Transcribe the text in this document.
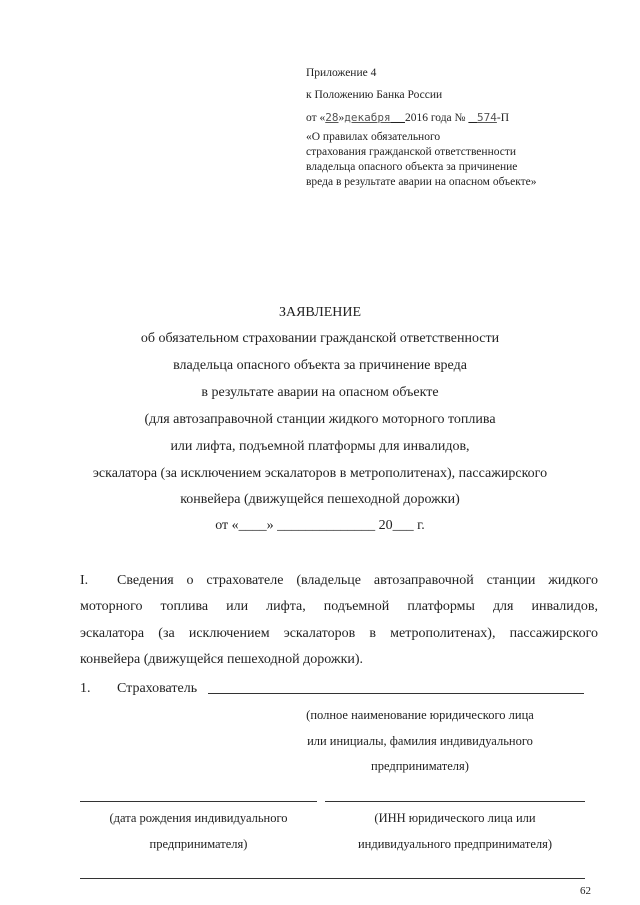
Приложение 4
к Положению Банка России
от «28»декабря 2016 года № 574-П
«О правилах обязательного
страхования гражданской ответственности
владельца опасного объекта за причинение
вреда в результате аварии на опасном объекте»
ЗАЯВЛЕНИЕ
об обязательном страховании гражданской ответственности
владельца опасного объекта за причинение вреда
в результате аварии на опасном объекте
(для автозаправочной станции жидкого моторного топлива
или лифта, подъемной платформы для инвалидов,
эскалатора (за исключением эскалаторов в метрополитенах), пассажирского
конвейера (движущейся пешеходной дорожки)
от «____» ______________ 20___ г.
I. Сведения о страхователе (владельце автозаправочной станции жидкого
моторного топлива или лифта, подъемной платформы для инвалидов,
эскалатора (за исключением эскалаторов в метрополитенах), пассажирского
конвейера (движущейся пешеходной дорожки).
1. Страхователь
(полное наименование юридического лица
или инициалы, фамилия индивидуального
предпринимателя)
(дата рождения индивидуального
предпринимателя)
(ИНН юридического лица или
индивидуального предпринимателя)
62
